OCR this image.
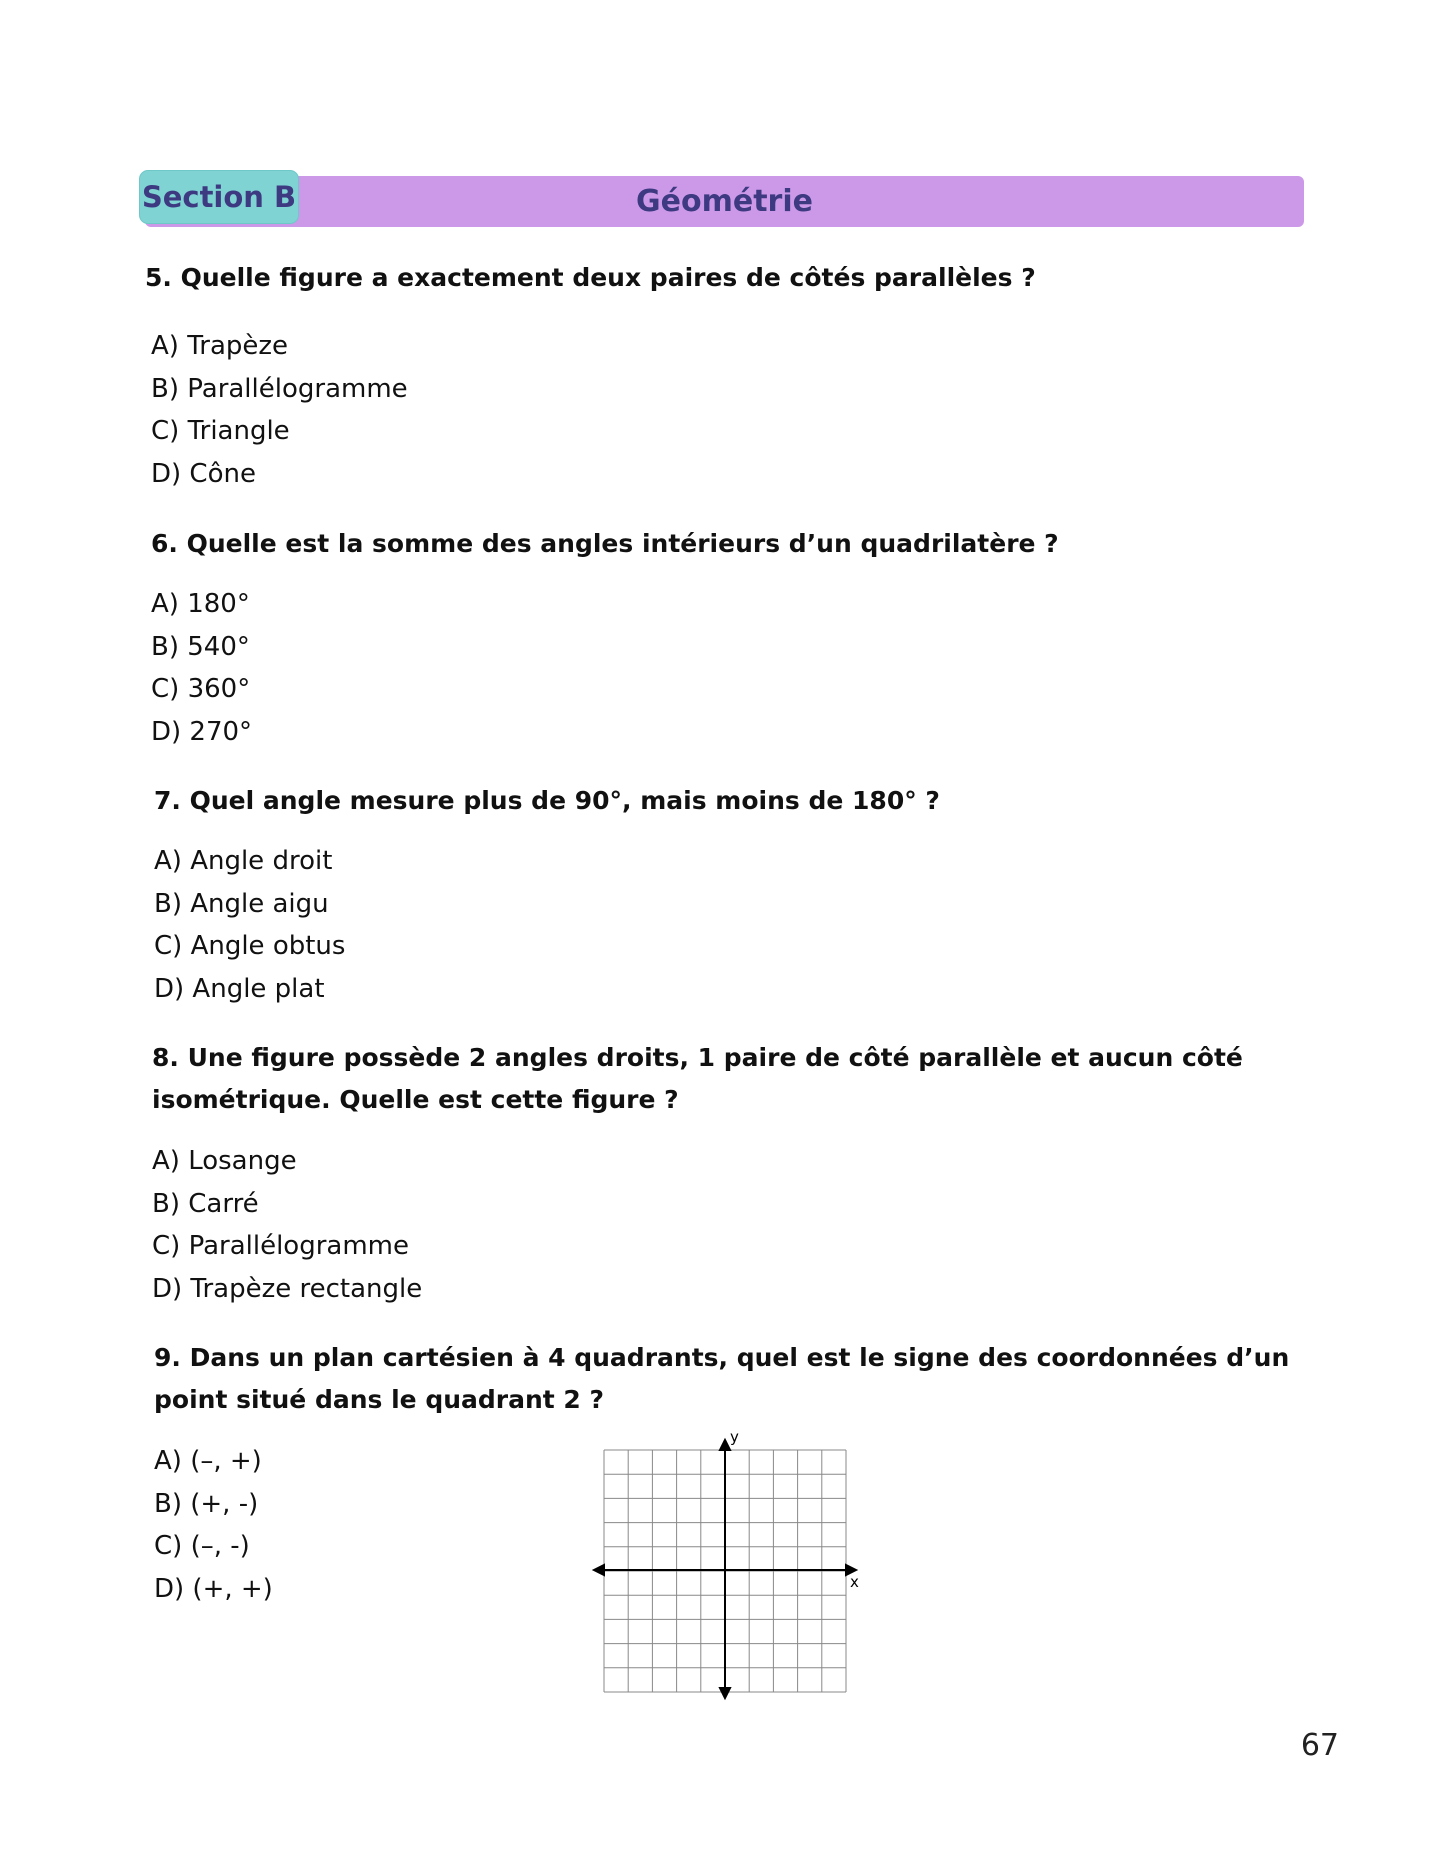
Géométrie
Section B
5. Quelle figure a exactement deux paires de côtés parallèles ?
A) Trapèze
B) Parallélogramme
C) Triangle
D) Cône
6. Quelle est la somme des angles intérieurs d’un quadrilatère ?
A) 180°
B) 540°
C) 360°
D) 270°
7. Quel angle mesure plus de 90°, mais moins de 180° ?
A) Angle droit
B) Angle aigu
C) Angle obtus
D) Angle plat
8. Une figure possède 2 angles droits, 1 paire de côté parallèle et aucun côté
isométrique. Quelle est cette figure ?
A) Losange
B) Carré
C) Parallélogramme
D) Trapèze rectangle
9. Dans un plan cartésien à 4 quadrants, quel est le signe des coordonnées d’un
point situé dans le quadrant 2 ?
A) (–, +)
B) (+, -)
C) (–, -)
D) (+, +)
y
x
67
